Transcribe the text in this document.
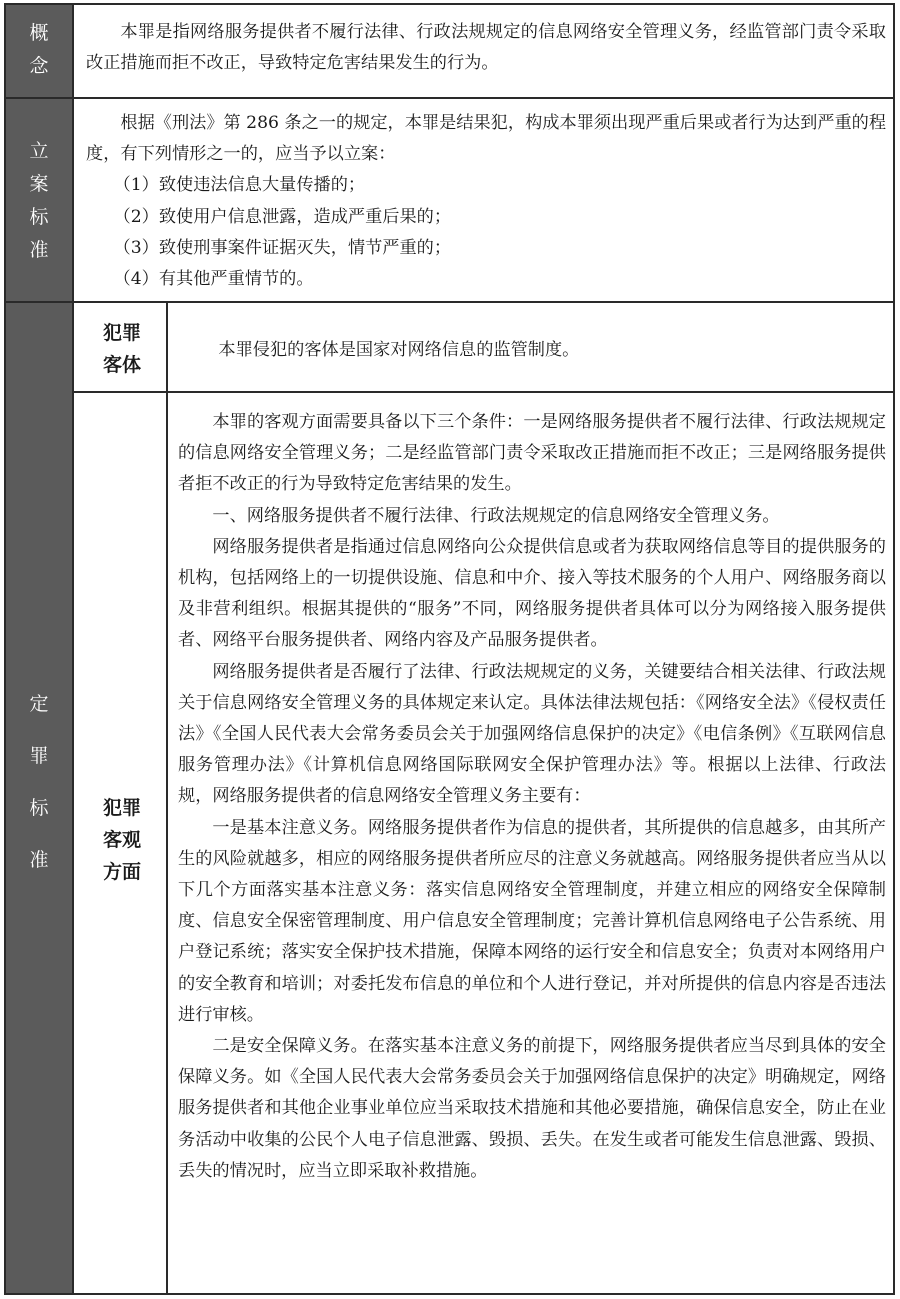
概
念

本罪是指网络服务提供者不履行法律、行政法规规定的信息网络安全管理义务，经监管部门责令采取改正措施而拒不改正，导致特定危害结果发生的行为。

立
案
标
准

根据《刑法》第 286 条之一的规定，本罪是结果犯，构成本罪须出现严重后果或者行为达到严重的程度，有下列情形之一的，应当予以立案：

（1）致使违法信息大量传播的；

（2）致使用户信息泄露，造成严重后果的；

（3）致使刑事案件证据灭失，情节严重的；

（4）有其他严重情节的。

定
罪
标
准
犯罪
客体

本罪侵犯的客体是国家对网络信息的监管制度。

犯罪
客观
方面

本罪的客观方面需要具备以下三个条件：一是网络服务提供者不履行法律、行政法规规定的信息网络安全管理义务；二是经监管部门责令采取改正措施而拒不改正；三是网络服务提供者拒不改正的行为导致特定危害结果的发生。

一、网络服务提供者不履行法律、行政法规规定的信息网络安全管理义务。

网络服务提供者是指通过信息网络向公众提供信息或者为获取网络信息等目的提供服务的机构，包括网络上的一切提供设施、信息和中介、接入等技术服务的个人用户、网络服务商以及非营利组织。根据其提供的“服务”不同，网络服务提供者具体可以分为网络接入服务提供者、网络平台服务提供者、网络内容及产品服务提供者。

网络服务提供者是否履行了法律、行政法规规定的义务，关键要结合相关法律、行政法规关于信息网络安全管理义务的具体规定来认定。具体法律法规包括：《网络安全法》《侵权责任法》《全国人民代表大会常务委员会关于加强网络信息保护的决定》《电信条例》《互联网信息服务管理办法》《计算机信息网络国际联网安全保护管理办法》等。根据以上法律、行政法规，网络服务提供者的信息网络安全管理义务主要有：

一是基本注意义务。网络服务提供者作为信息的提供者，其所提供的信息越多，由其所产生的风险就越多，相应的网络服务提供者所应尽的注意义务就越高。网络服务提供者应当从以下几个方面落实基本注意义务：落实信息网络安全管理制度，并建立相应的网络安全保障制度、信息安全保密管理制度、用户信息安全管理制度；完善计算机信息网络电子公告系统、用户登记系统；落实安全保护技术措施，保障本网络的运行安全和信息安全；负责对本网络用户的安全教育和培训；对委托发布信息的单位和个人进行登记，并对所提供的信息内容是否违法进行审核。

二是安全保障义务。在落实基本注意义务的前提下，网络服务提供者应当尽到具体的安全保障义务。如《全国人民代表大会常务委员会关于加强网络信息保护的决定》明确规定，网络服务提供者和其他企业事业单位应当采取技术措施和其他必要措施，确保信息安全，防止在业务活动中收集的公民个人电子信息泄露、毁损、丢失。在发生或者可能发生信息泄露、毁损、丢失的情况时，应当立即采取补救措施。
